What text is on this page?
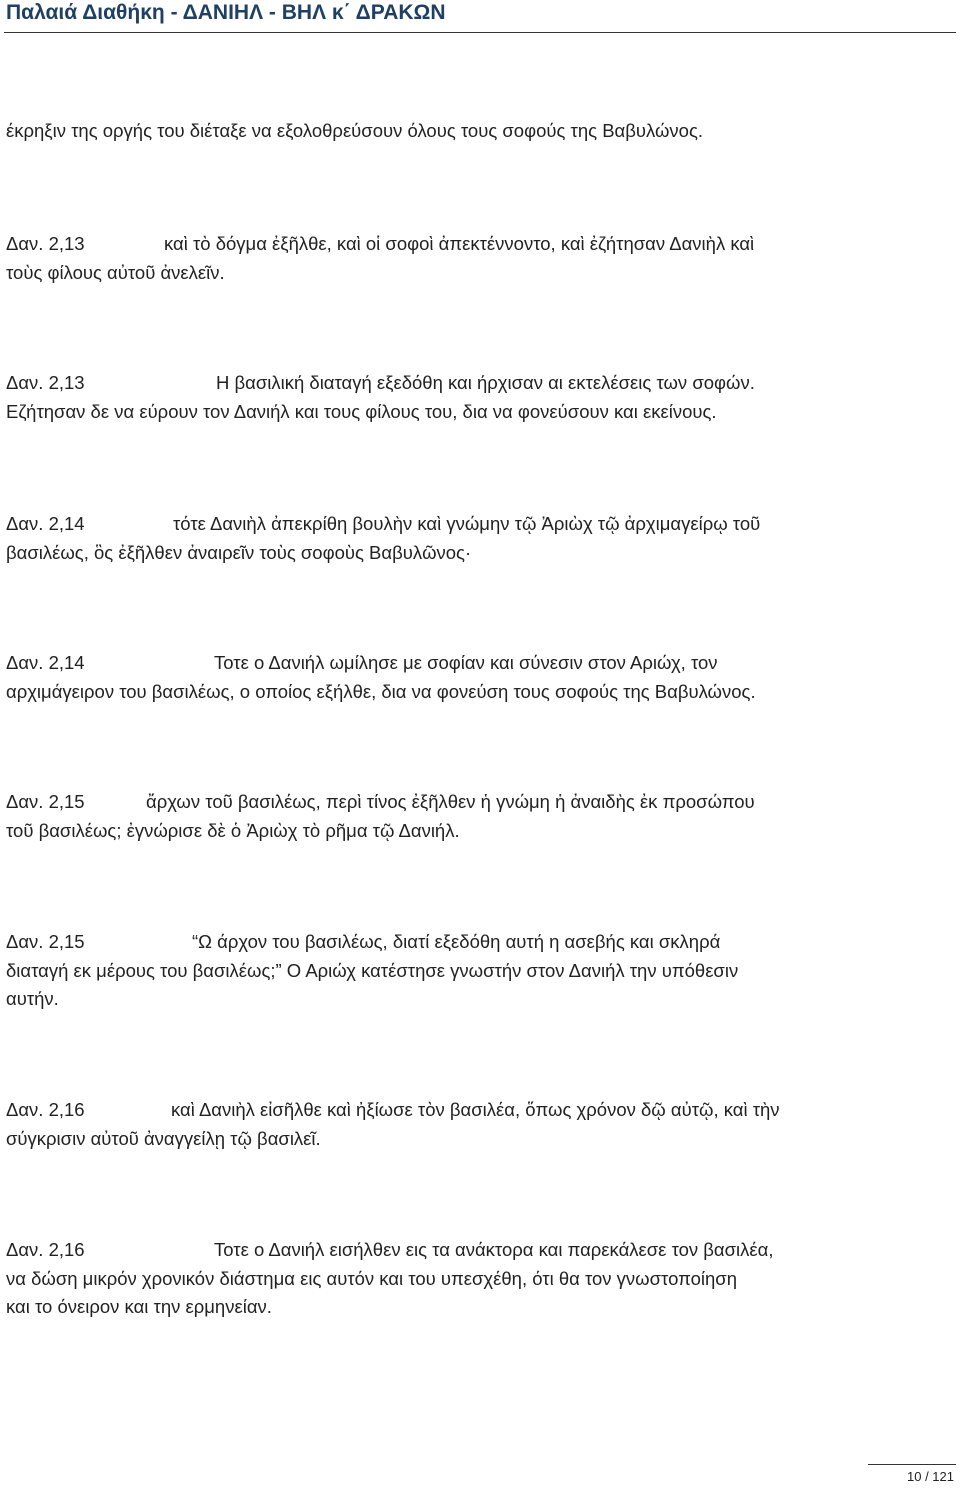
Παλαιά Διαθήκη - ΔΑΝΙΗΛ - ΒΗΛ κ΄ ΔΡΑΚΩΝ
έκρηξιν της οργής του διέταξε να εξολοθρεύσουν όλους τους σοφούς της Βαβυλώνος.
Δαν. 2,13	καὶ τὸ δόγμα ἐξῆλθε, καὶ οἱ σοφοὶ ἀπεκτέννοντο, καὶ ἐζήτησαν Δανιὴλ καὶ
τοὺς φίλους αὐτοῦ ἀνελεῖν.
Δαν. 2,13	Η βασιλική διαταγή εξεδόθη και ήρχισαν αι εκτελέσεις των σοφών.
Εζήτησαν δε να εύρουν τον Δανιήλ και τους φίλους του, δια να φονεύσουν και εκείνους.
Δαν. 2,14	τότε Δανιὴλ ἀπεκρίθη βουλὴν καὶ γνώμην τῷ Ἀριὼχ τῷ ἀρχιμαγείρῳ τοῦ
βασιλέως, ὃς ἐξῆλθεν ἀναιρεῖν τοὺς σοφοὺς Βαβυλῶνος·
Δαν. 2,14	Τοτε ο Δανιήλ ωμίλησε με σοφίαν και σύνεσιν στον Αριώχ, τον
αρχιμάγειρον του βασιλέως, ο οποίος εξήλθε, δια να φονεύση τους σοφούς της Βαβυλώνος.
Δαν. 2,15	ἄρχων τοῦ βασιλέως, περὶ τίνος ἐξῆλθεν ἡ γνώμη ἡ ἀναιδὴς ἐκ προσώπου
τοῦ βασιλέως; ἐγνώρισε δὲ ὁ Ἀριὼχ τὸ ρῆμα τῷ Δανιήλ.
Δαν. 2,15	“Ω άρχον του βασιλέως, διατί εξεδόθη αυτή η ασεβής και σκληρά
διαταγή εκ μέρους του βασιλέως;” Ο Αριώχ κατέστησε γνωστήν στον Δανιήλ την υπόθεσιν
αυτήν.
Δαν. 2,16	καὶ Δανιὴλ εἰσῆλθε καὶ ἠξίωσε τὸν βασιλέα, ὅπως χρόνον δῷ αὐτῷ, καὶ τὴν
σύγκρισιν αὐτοῦ ἀναγγείλῃ τῷ βασιλεῖ.
Δαν. 2,16	Τοτε ο Δανιήλ εισήλθεν εις τα ανάκτορα και παρεκάλεσε τον βασιλέα,
να δώση μικρόν χρονικόν διάστημα εις αυτόν και του υπεσχέθη, ότι θα τον γνωστοποίηση
και το όνειρον και την ερμηνείαν.
10 / 121
